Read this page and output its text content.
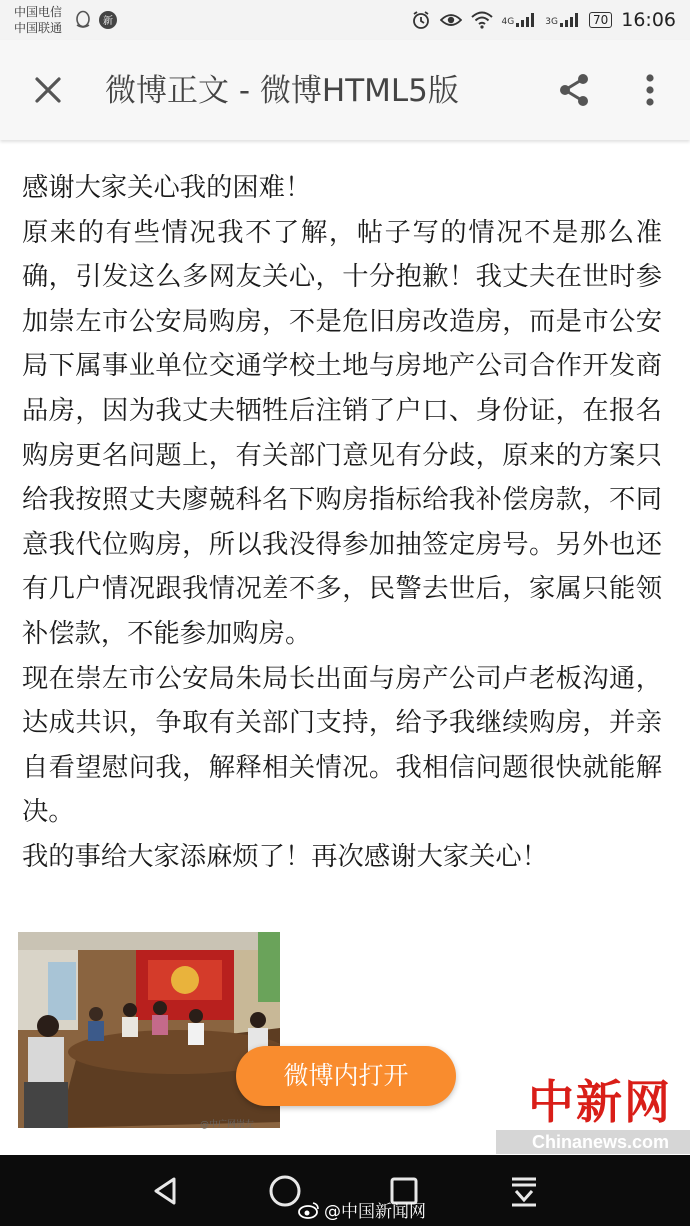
中国电信
中国联通	新	4G	3G	70 16:06
微博正文 - 微博HTML5版

感谢大家关心我的困难！

原来的有些情况我不了解，帖子写的情况不是那么准确，引发这么多网友关心，十分抱歉！我丈夫在世时参加崇左市公安局购房，不是危旧房改造房，而是市公安局下属事业单位交通学校土地与房地产公司合作开发商品房，因为我丈夫牺牲后注销了户口、身份证，在报名购房更名问题上，有关部门意见有分歧，原来的方案只给我按照丈夫廖兢科名下购房指标给我补偿房款，不同意我代位购房，所以我没得参加抽签定房号。另外也还有几户情况跟我情况差不多，民警去世后，家属只能领补偿款，不能参加购房。

现在崇左市公安局朱局长出面与房产公司卢老板沟通，达成共识，争取有关部门支持，给予我继续购房，并亲自看望慰问我，解释相关情况。我相信问题很快就能解决。

我的事给大家添麻烦了！再次感谢大家关心！

@中广网崇左
微博内打开	中新网
Chinanews.com
@中国新闻网
